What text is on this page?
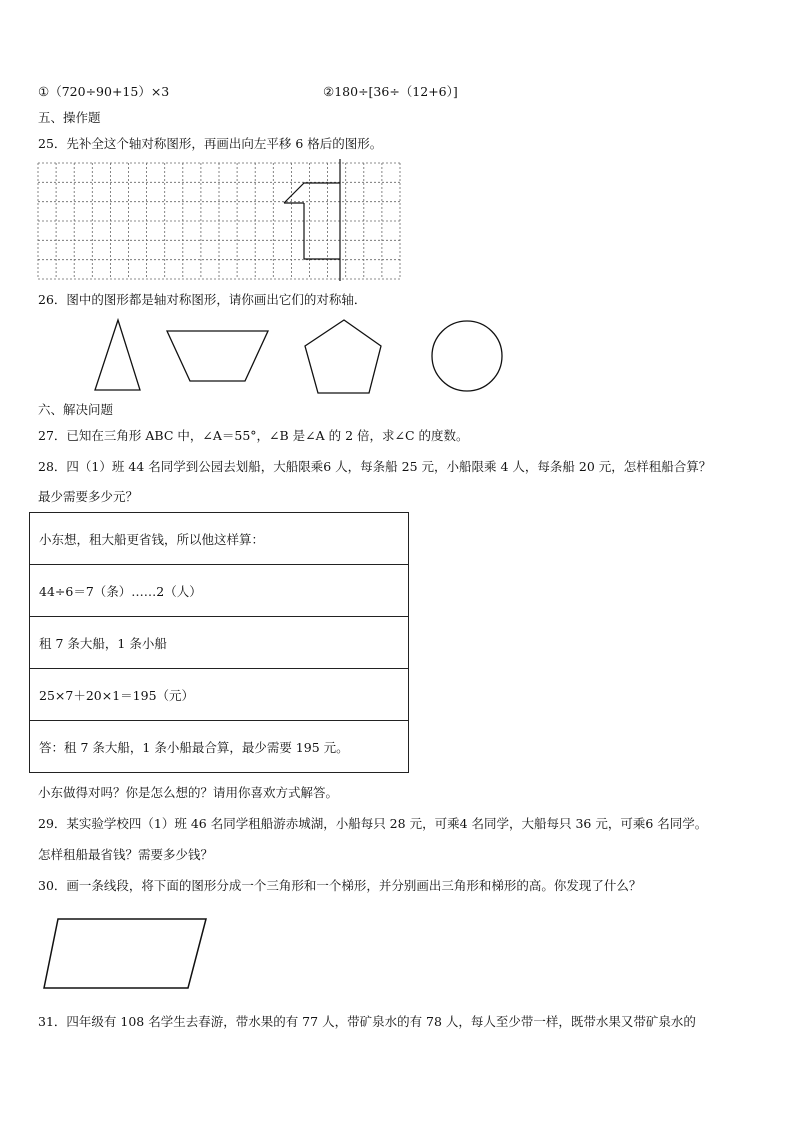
①（720÷90+15）×3	②180÷[36÷（12+6）]
五、操作题
25．先补全这个轴对称图形，再画出向左平移 6 格后的图形。
26．图中的图形都是轴对称图形，请你画出它们的对称轴．
六、解决问题
27．已知在三角形 ABC 中，∠A＝55°，∠B 是∠A 的 2 倍，求∠C 的度数。
28．四（1）班 44 名同学到公园去划船，大船限乘6 人，每条船 25 元，小船限乘 4 人，每条船 20 元，怎样租船合算？
最少需要多少元？
小东想，租大船更省钱，所以他这样算：
44÷6＝7（条）……2（人）
租 7 条大船，1 条小船
25×7＋20×1＝195（元）
答：租 7 条大船，1 条小船最合算，最少需要 195 元。
小东做得对吗？你是怎么想的？请用你喜欢方式解答。
29．某实验学校四（1）班 46 名同学租船游赤城湖，小船每只 28 元，可乘4 名同学，大船每只 36 元，可乘6 名同学。
怎样租船最省钱？需要多少钱？
30．画一条线段，将下面的图形分成一个三角形和一个梯形，并分别画出三角形和梯形的高。你发现了什么？
31．四年级有 108 名学生去春游，带水果的有 77 人，带矿泉水的有 78 人，每人至少带一样，既带水果又带矿泉水的
